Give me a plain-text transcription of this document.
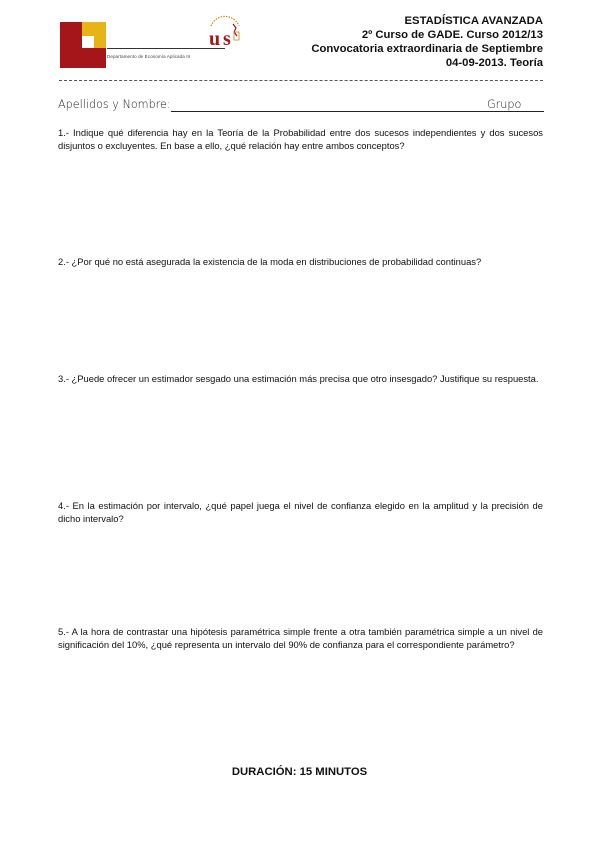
Departamento de Economía Aplicada III
u s
ESTADÍSTICA AVANZADA
2º Curso de GADE. Curso 2012/13
Convocatoria extraordinaria de Septiembre
04-09-2013. Teoría
Apellidos y Nombre:	Grupo
1.- Indique qué diferencia hay en la Teoría de la Probabilidad entre dos sucesos independientes y dos sucesos disjuntos o excluyentes. En base a ello, ¿qué relación hay entre ambos conceptos?
2.- ¿Por qué no está asegurada la existencia de la moda en distribuciones de probabilidad continuas?
3.- ¿Puede ofrecer un estimador sesgado una estimación más precisa que otro insesgado? Justifique su respuesta.
4.- En la estimación por intervalo, ¿qué papel juega el nivel de confianza elegido en la amplitud y la precisión de dicho intervalo?
5.- A la hora de contrastar una hipótesis paramétrica simple frente a otra también paramétrica simple a un nivel de significación del 10%, ¿qué representa un intervalo del 90% de confianza para el correspondiente parámetro?
DURACIÓN: 15 MINUTOS
